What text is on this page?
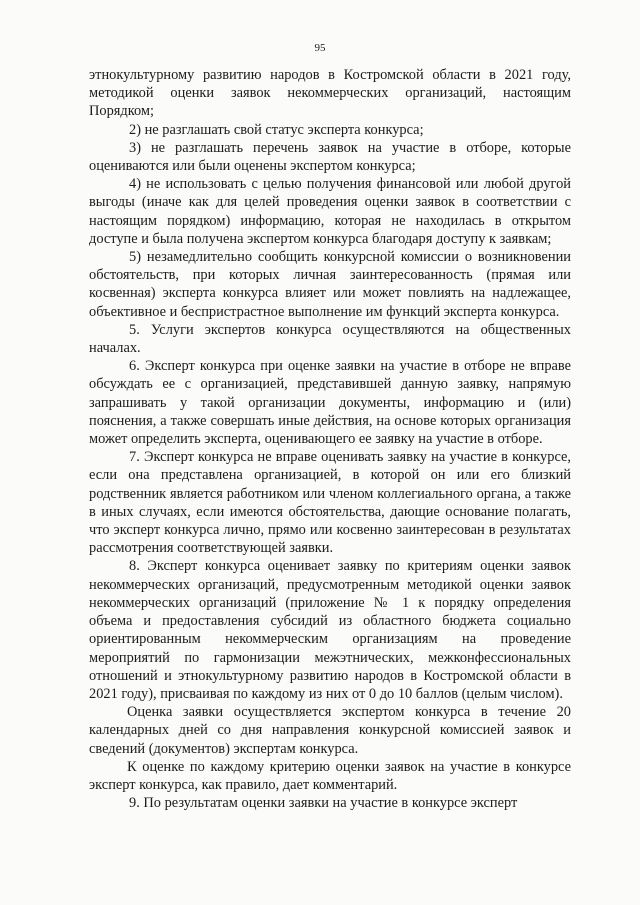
95

этнокультурному развитию народов в Костромской области в 2021 году, методикой оценки заявок некоммерческих организаций, настоящим Порядком;

2) не разглашать свой статус эксперта конкурса;

3) не разглашать перечень заявок на участие в отборе, которые оцениваются или были оценены экспертом конкурса;

4) не использовать с целью получения финансовой или любой другой выгоды (иначе как для целей проведения оценки заявок в соответствии с настоящим порядком) информацию, которая не находилась в открытом доступе и была получена экспертом конкурса благодаря доступу к заявкам;

5) незамедлительно сообщить конкурсной комиссии о возникновении обстоятельств, при которых личная заинтересованность (прямая или косвенная) эксперта конкурса влияет или может повлиять на надлежащее, объективное и беспристрастное выполнение им функций эксперта конкурса.

5. Услуги экспертов конкурса осуществляются на общественных началах.

6. Эксперт конкурса при оценке заявки на участие в отборе не вправе обсуждать ее с организацией, представившей данную заявку, напрямую запрашивать у такой организации документы, информацию и (или) пояснения, а также совершать иные действия, на основе которых организация может определить эксперта, оценивающего ее заявку на участие в отборе.

7. Эксперт конкурса не вправе оценивать заявку на участие в конкурсе, если она представлена организацией, в которой он или его близкий родственник является работником или членом коллегиального органа, а также в иных случаях, если имеются обстоятельства, дающие основание полагать, что эксперт конкурса лично, прямо или косвенно заинтересован в результатах рассмотрения соответствующей заявки.

8. Эксперт конкурса оценивает заявку по критериям оценки заявок некоммерческих организаций, предусмотренным методикой оценки заявок некоммерческих организаций (приложение № 1 к порядку определения объема и предоставления субсидий из областного бюджета социально ориентированным некоммерческим организациям на проведение мероприятий по гармонизации межэтнических, межконфессиональных отношений и этнокультурному развитию народов в Костромской области в 2021 году), присваивая по каждому из них от 0 до 10 баллов (целым числом).

Оценка заявки осуществляется экспертом конкурса в течение 20 календарных дней со дня направления конкурсной комиссией заявок и сведений (документов) экспертам конкурса.

К оценке по каждому критерию оценки заявок на участие в конкурсе эксперт конкурса, как правило, дает комментарий.

9. По результатам оценки заявки на участие в конкурсе эксперт
